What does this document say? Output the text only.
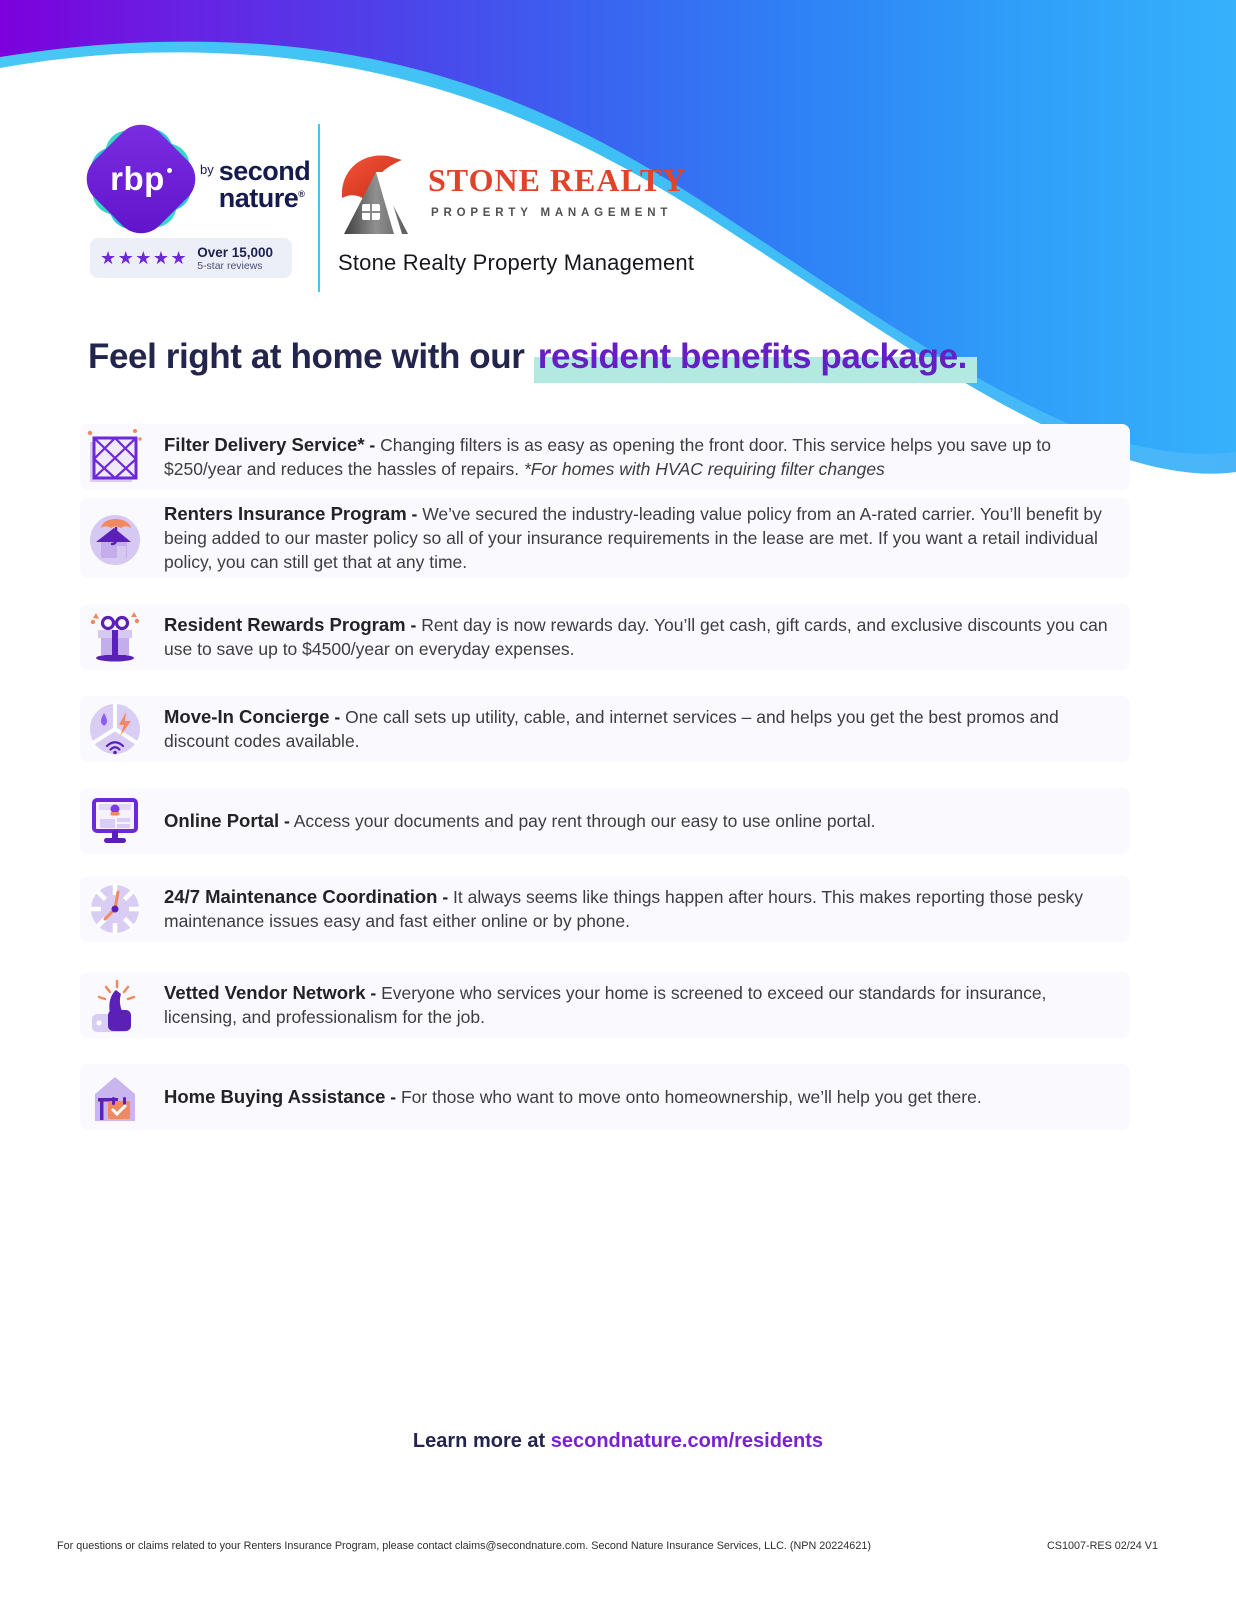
rbp	by second
nature®
★★★★★ Over 15,000
5-star reviews
STONE REALTY
PROPERTY MANAGEMENT
Stone Realty Property Management
Feel right at home with our resident benefits package.

Filter Delivery Service* - Changing filters is as easy as opening the front door. This service helps you save up to $250/year and reduces the hassles of repairs. *For homes with HVAC requiring filter changes

Renters Insurance Program - We’ve secured the industry-leading value policy from an A-rated carrier. You’ll benefit by being added to our master policy so all of your insurance requirements in the lease are met. If you want a retail individual policy, you can still get that at any time.

Resident Rewards Program - Rent day is now rewards day. You’ll get cash, gift cards, and exclusive discounts you can use to save up to $4500/year on everyday expenses.

Move-In Concierge - One call sets up utility, cable, and internet services – and helps you get the best promos and discount codes available.

Online Portal - Access your documents and pay rent through our easy to use online portal.

24/7 Maintenance Coordination - It always seems like things happen after hours. This makes reporting those pesky maintenance issues easy and fast either online or by phone.

Vetted Vendor Network - Everyone who services your home is screened to exceed our standards for insurance, licensing, and professionalism for the job.

Home Buying Assistance - For those who want to move onto homeownership, we’ll help you get there.

Learn more at secondnature.com/residents
For questions or claims related to your Renters Insurance Program, please contact claims@secondnature.com. Second Nature Insurance Services, LLC. (NPN 20224621)	CS1007-RES 02/24 V1
